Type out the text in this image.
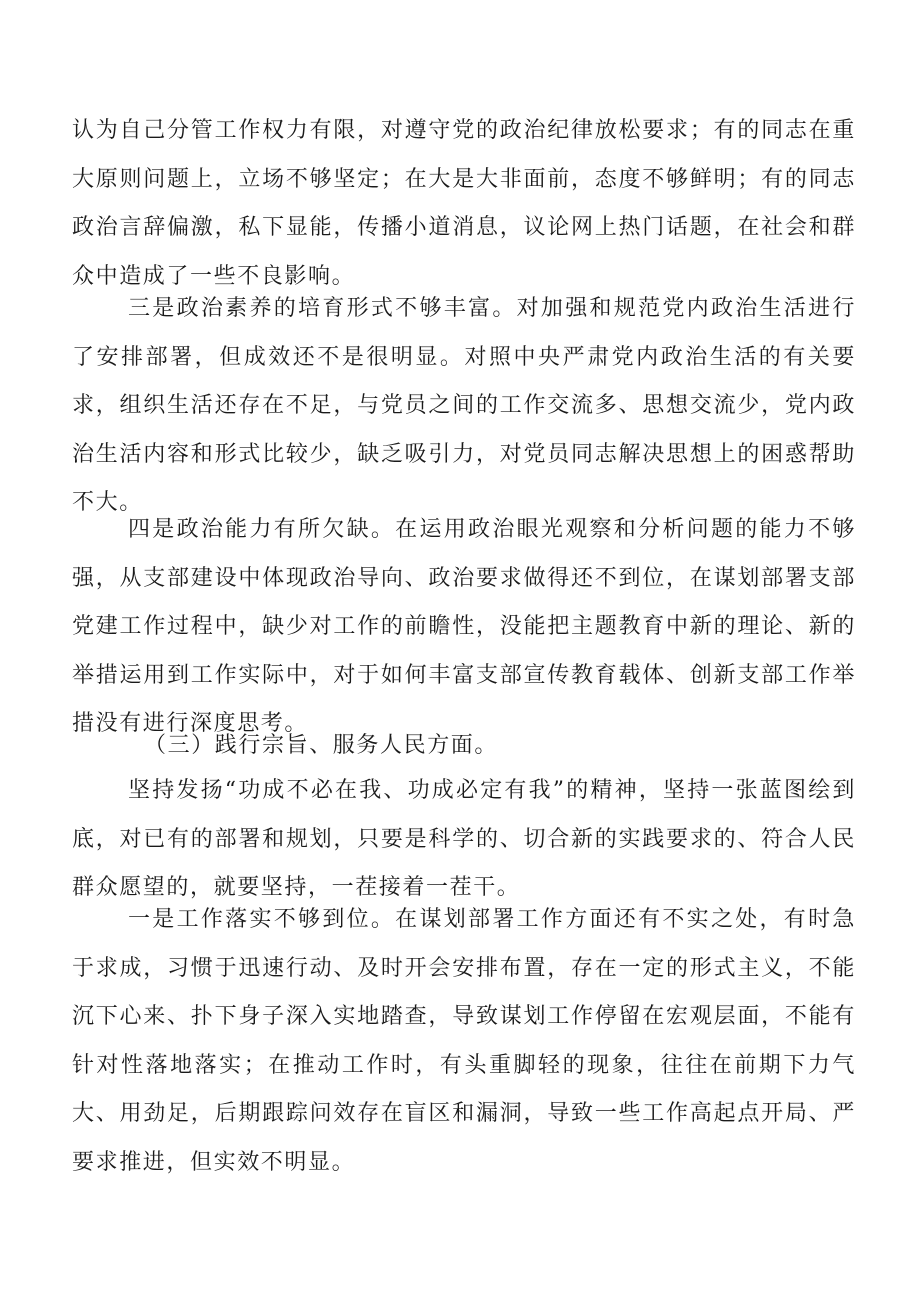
认为自己分管工作权力有限，对遵守党的政治纪律放松要求；有的同志在重大原则问题上，立场不够坚定；在大是大非面前，态度不够鲜明；有的同志政治言辞偏激，私下显能，传播小道消息，议论网上热门话题，在社会和群众中造成了一些不良影响。

三是政治素养的培育形式不够丰富。对加强和规范党内政治生活进行了安排部署，但成效还不是很明显。对照中央严肃党内政治生活的有关要求，组织生活还存在不足，与党员之间的工作交流多、思想交流少，党内政治生活内容和形式比较少，缺乏吸引力，对党员同志解决思想上的困惑帮助不大。

四是政治能力有所欠缺。在运用政治眼光观察和分析问题的能力不够强，从支部建设中体现政治导向、政治要求做得还不到位，在谋划部署支部党建工作过程中，缺少对工作的前瞻性，没能把主题教育中新的理论、新的举措运用到工作实际中，对于如何丰富支部宣传教育载体、创新支部工作举措没有进行深度思考。

（三）践行宗旨、服务人民方面。

坚持发扬“功成不必在我、功成必定有我”的精神，坚持一张蓝图绘到底，对已有的部署和规划，只要是科学的、切合新的实践要求的、符合人民群众愿望的，就要坚持，一茬接着一茬干。

一是工作落实不够到位。在谋划部署工作方面还有不实之处，有时急于求成，习惯于迅速行动、及时开会安排布置，存在一定的形式主义，不能沉下心来、扑下身子深入实地踏查，导致谋划工作停留在宏观层面，不能有针对性落地落实；在推动工作时，有头重脚轻的现象，往往在前期下力气大、用劲足，后期跟踪问效存在盲区和漏洞，导致一些工作高起点开局、严要求推进，但实效不明显。
